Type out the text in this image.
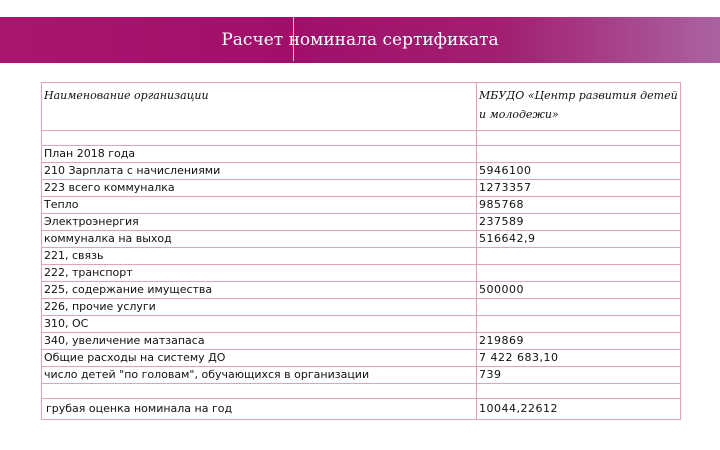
Расчет номинала сертификата
Наименование организации	МБУДО «Центр развития детей и молодежи»

План 2018 года	
210 Зарплата с начислениями	5946100
223 всего коммуналка	1273357
Тепло	985768
Электроэнергия	237589
коммуналка на выход	516642,9
221, связь	
222, транспорт	
225, содержание имущества	500000
226, прочие услуги	
310, ОС	
340, увеличение матзапаса	219869
Общие расходы на систему ДО	7 422 683,10
число детей "по головам", обучающихся в организации	739

грубая оценка номинала на год	10044,22612
